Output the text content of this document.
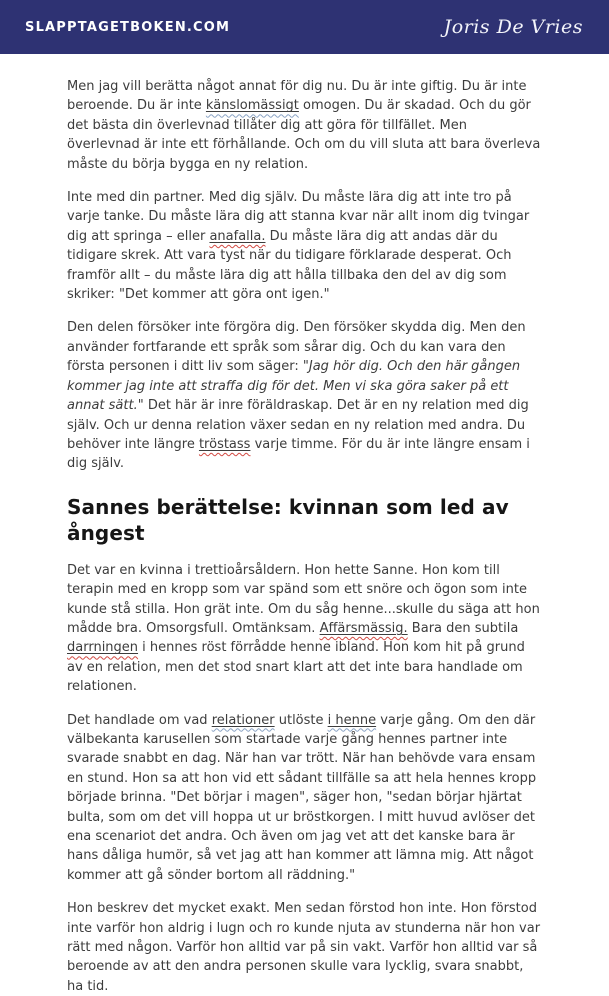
SLAPPTAGETBOKEN.COM	Joris De Vries

Men jag vill berätta något annat för dig nu. Du är inte giftig. Du är inte beroende. Du är inte känslomässigt omogen. Du är skadad. Och du gör det bästa din överlevnad tillåter dig att göra för tillfället. Men överlevnad är inte ett förhållande. Och om du vill sluta att bara överleva måste du börja bygga en ny relation.

Inte med din partner. Med dig själv. Du måste lära dig att inte tro på varje tanke. Du måste lära dig att stanna kvar när allt inom dig tvingar dig att springa – eller anafalla. Du måste lära dig att andas där du tidigare skrek. Att vara tyst när du tidigare förklarade desperat. Och framför allt – du måste lära dig att hålla tillbaka den del av dig som skriker: "Det kommer att göra ont igen."

Den delen försöker inte förgöra dig. Den försöker skydda dig. Men den använder fortfarande ett språk som sårar dig. Och du kan vara den första personen i ditt liv som säger: "Jag hör dig. Och den här gången kommer jag inte att straffa dig för det. Men vi ska göra saker på ett annat sätt." Det här är inre föräldraskap. Det är en ny relation med dig själv. Och ur denna relation växer sedan en ny relation med andra. Du behöver inte längre tröstass varje timme. För du är inte längre ensam i dig själv.

Sannes berättelse: kvinnan som led av ångest

Det var en kvinna i trettioårsåldern. Hon hette Sanne. Hon kom till terapin med en kropp som var spänd som ett snöre och ögon som inte kunde stå stilla. Hon grät inte. Om du såg henne...skulle du säga att hon mådde bra. Omsorgsfull. Omtänksam. Affärsmässig. Bara den subtila darrningen i hennes röst förrådde henne ibland. Hon kom hit på grund av en relation, men det stod snart klart att det inte bara handlade om relationen.

Det handlade om vad relationer utlöste i henne varje gång. Om den där välbekanta karusellen som startade varje gång hennes partner inte svarade snabbt en dag. När han var trött. När han behövde vara ensam en stund. Hon sa att hon vid ett sådant tillfälle sa att hela hennes kropp började brinna. "Det börjar i magen", säger hon, "sedan börjar hjärtat bulta, som om det vill hoppa ut ur bröstkorgen. I mitt huvud avlöser det ena scenariot det andra. Och även om jag vet att det kanske bara är hans dåliga humör, så vet jag att han kommer att lämna mig. Att något kommer att gå sönder bortom all räddning."

Hon beskrev det mycket exakt. Men sedan förstod hon inte. Hon förstod inte varför hon aldrig i lugn och ro kunde njuta av stunderna när hon var rätt med någon. Varför hon alltid var på sin vakt. Varför hon alltid var så beroende av att den andra personen skulle vara lycklig, svara snabbt, ha tid.
